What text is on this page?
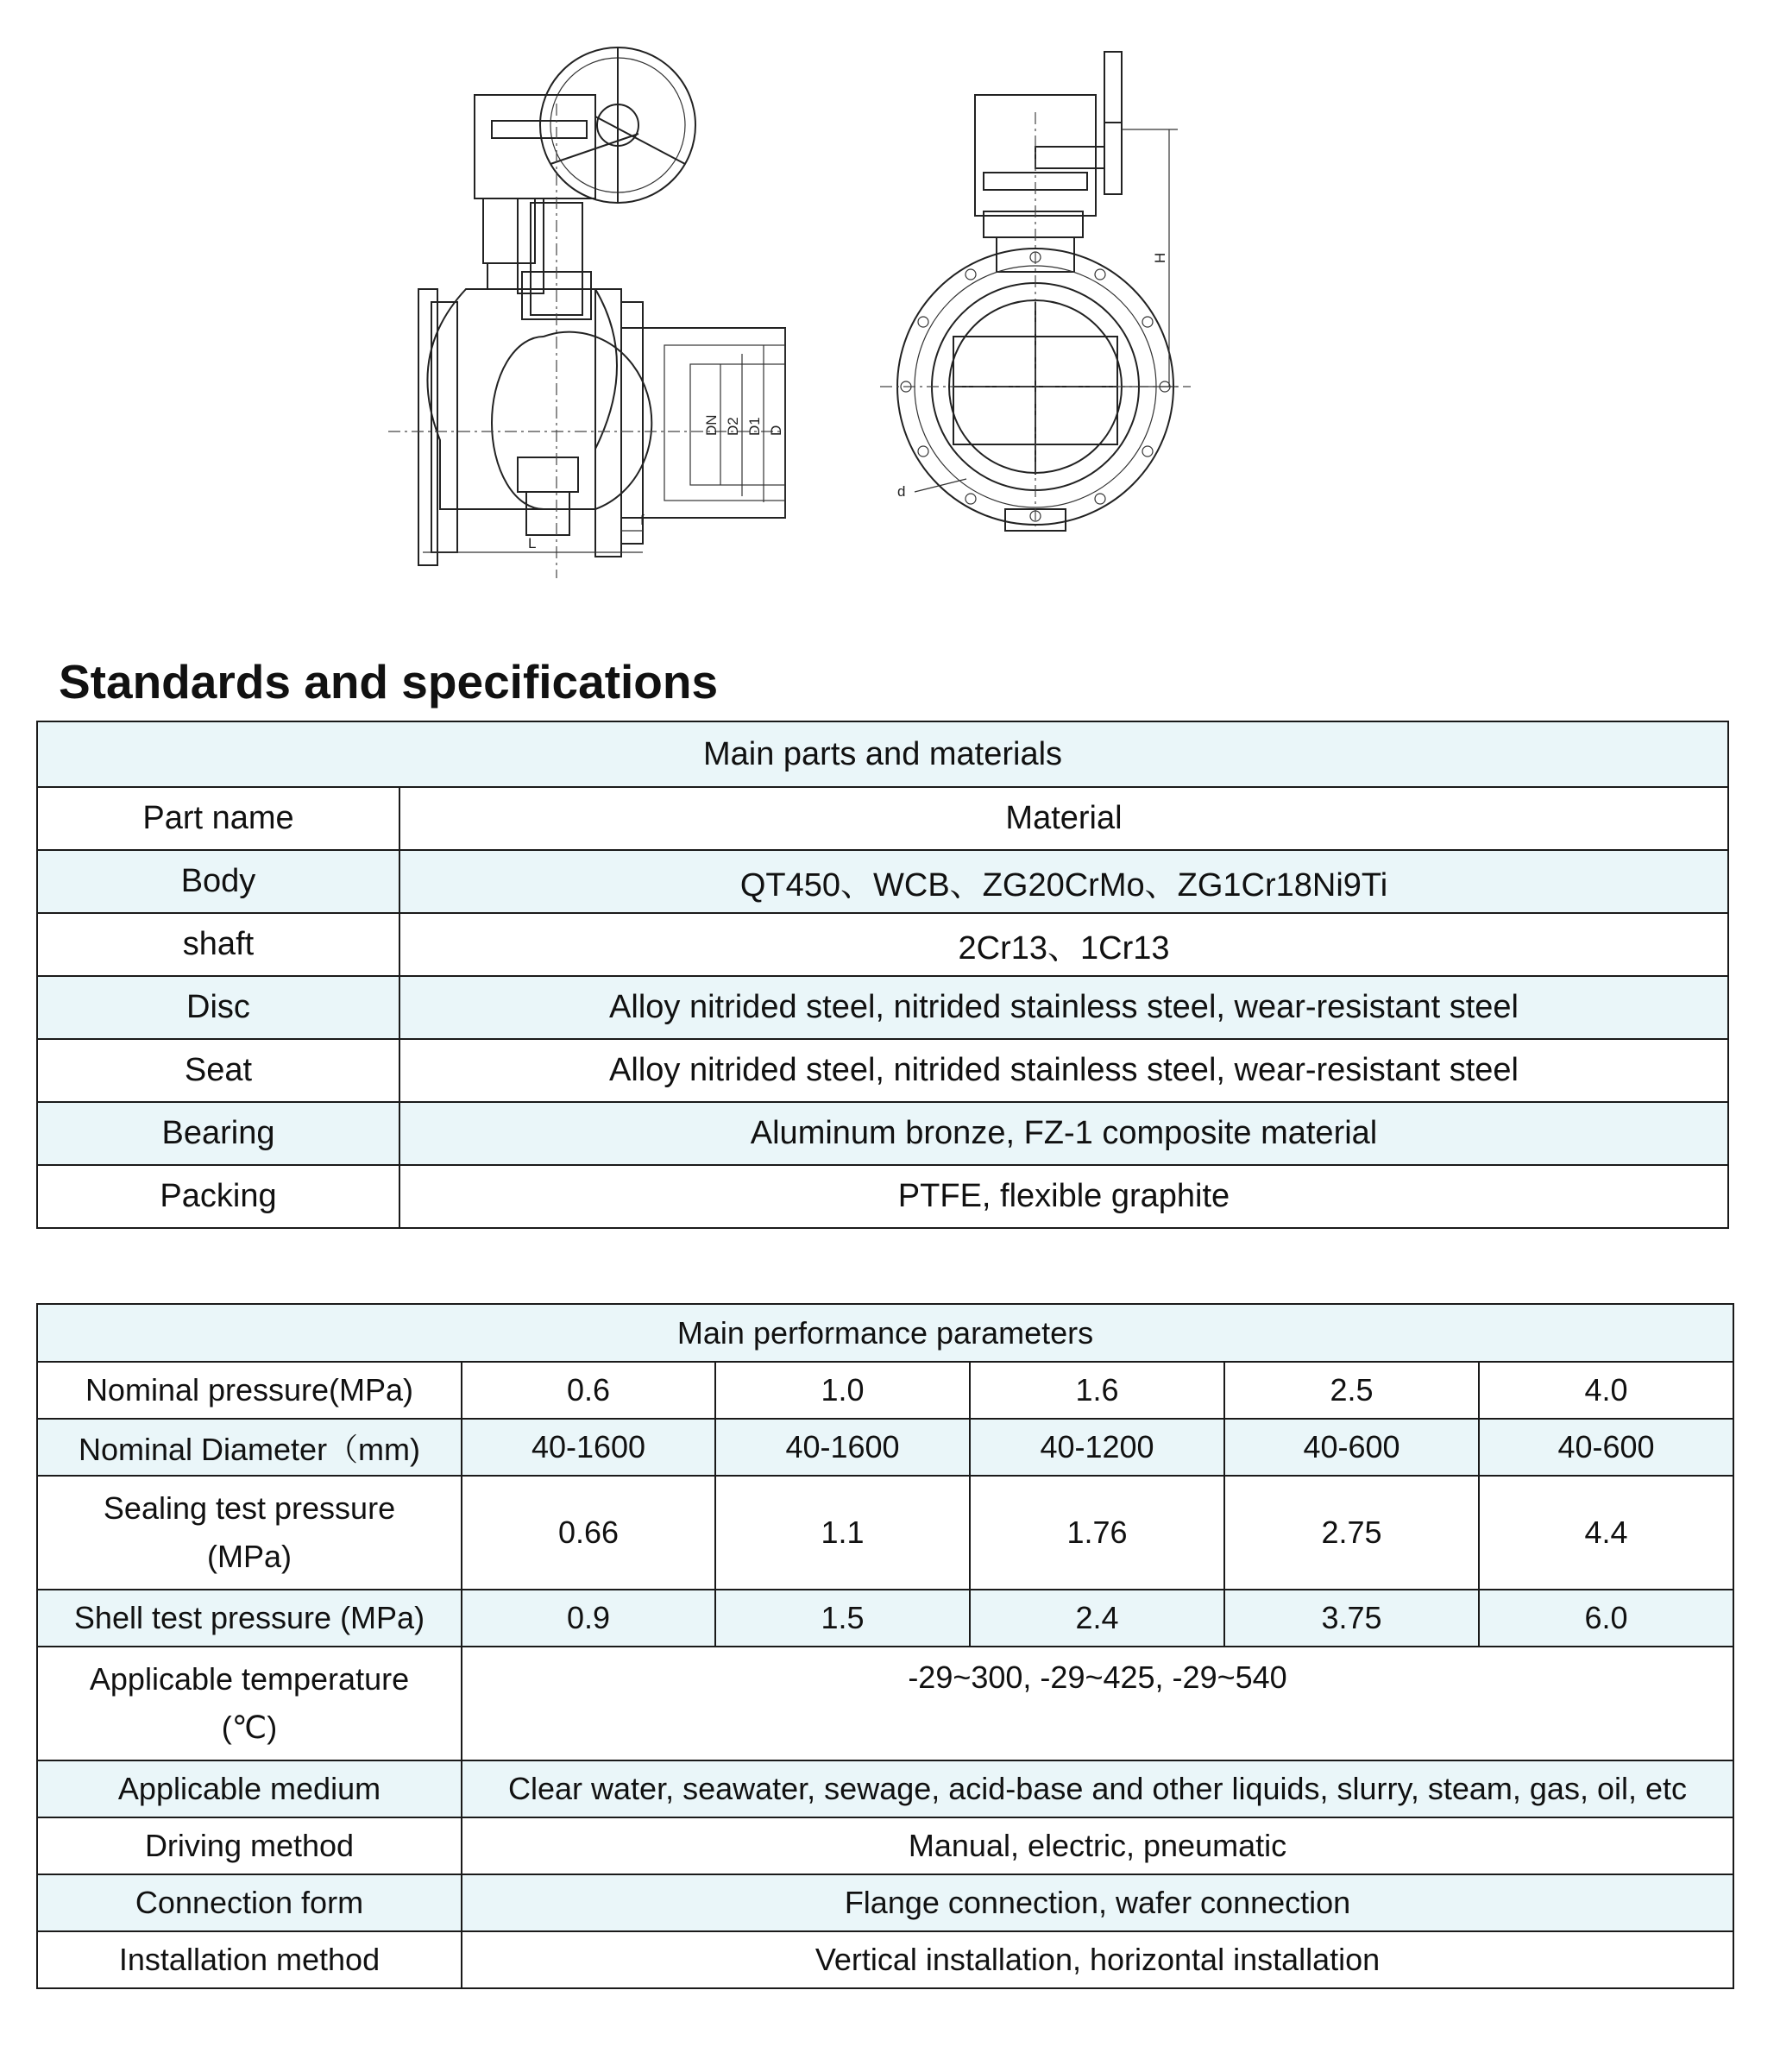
DN D2 D1 D
f
L
H
d
Standards and specifications
Main parts and materials	
Part name	Material
Body	QT450、WCB、ZG20CrMo、ZG1Cr18Ni9Ti
shaft	2Cr13、1Cr13
Disc	Alloy nitrided steel, nitrided stainless steel, wear-resistant steel
Seat	Alloy nitrided steel, nitrided stainless steel, wear-resistant steel
Bearing	Aluminum bronze, FZ-1 composite material
Packing	PTFE, flexible graphite
Main performance parameters					
Nominal pressure(MPa)	0.6	1.0	1.6	2.5	4.0
Nominal Diameter（mm)	40-1600	40-1600	40-1200	40-600	40-600

Sealing test pressure
(MPa)	0.66	1.1	1.76	2.75	4.4
Shell test pressure (MPa)	0.9	1.5	2.4	3.75	6.0

Applicable temperature
(℃)	-29~300, -29~425, -29~540				
Applicable medium	Clear water, seawater, sewage, acid-base and other liquids, slurry, steam, gas, oil, etc				
Driving method	Manual, electric, pneumatic				
Connection form	Flange connection, wafer connection				
Installation method	Vertical installation, horizontal installation				
